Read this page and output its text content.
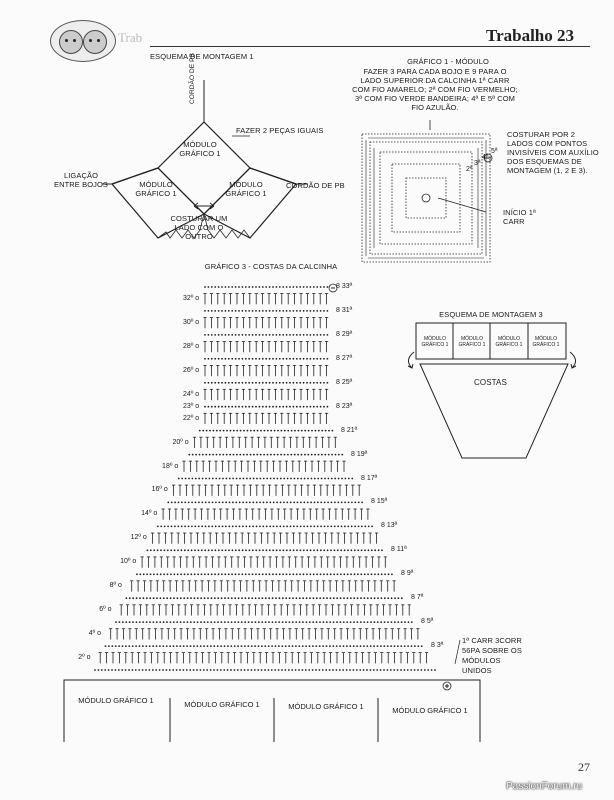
Trab	Trabalho 23
ESQUEMA DE MONTAGEM 1
CORDÃO DE PB
FAZER 2 PEÇAS IGUAIS
MÓDULO GRÁFICO 1
MÓDULO GRÁFICO 1
MÓDULO GRÁFICO 1
LIGAÇÃO ENTRE BOJOS	CORDÃO DE PB
COSTURAR UM LADO COM O OUTRO
GRÁFICO 1 - MÓDULO
FAZER 3 PARA CADA BOJO E 9 PARA O LADO SUPERIOR DA CALCINHA 1ª CARR COM FIO AMARELO; 2ª COM FIO VERMELHO; 3ª COM FIO VERDE BANDEIRA; 4ª E 5ª COM FIO AZULÃO.
5ª
4ª
3ª
2ª
COSTURAR POR 2 LADOS COM PONTOS INVISÍVEIS COM AUXÍLIO DOS ESQUEMAS DE MONTAGEM (1, 2 E 3).
INÍCIO 1ª CARR
ESQUEMA DE MONTAGEM 3
MÓDULO GRÁFICO 1
MÓDULO GRÁFICO 1
MÓDULO GRÁFICO 1
MÓDULO GRÁFICO 1
COSTAS
GRÁFICO 3 - COSTAS DA CALCINHA
32º o
30º o
28º o
26º o
24º o
23º o
22º o
20º o
18º o
16º o
14º o
12º o
10º o
8º o
6º o
4º o
2º o
8 33ª
8 31ª
8 29ª
8 27ª
8 25ª
8 23ª
8 21ª
8 19ª
8 17ª
8 15ª
8 13ª
8 11ª
8 9ª
8 7ª
8 5ª
8 3ª
1ª CARR 3CORR 56PA SOBRE OS MÓDULOS UNIDOS
MÓDULO GRÁFICO 1	MÓDULO GRÁFICO 1	MÓDULO GRÁFICO 1	MÓDULO GRÁFICO 1
27
PassionForum.ru
